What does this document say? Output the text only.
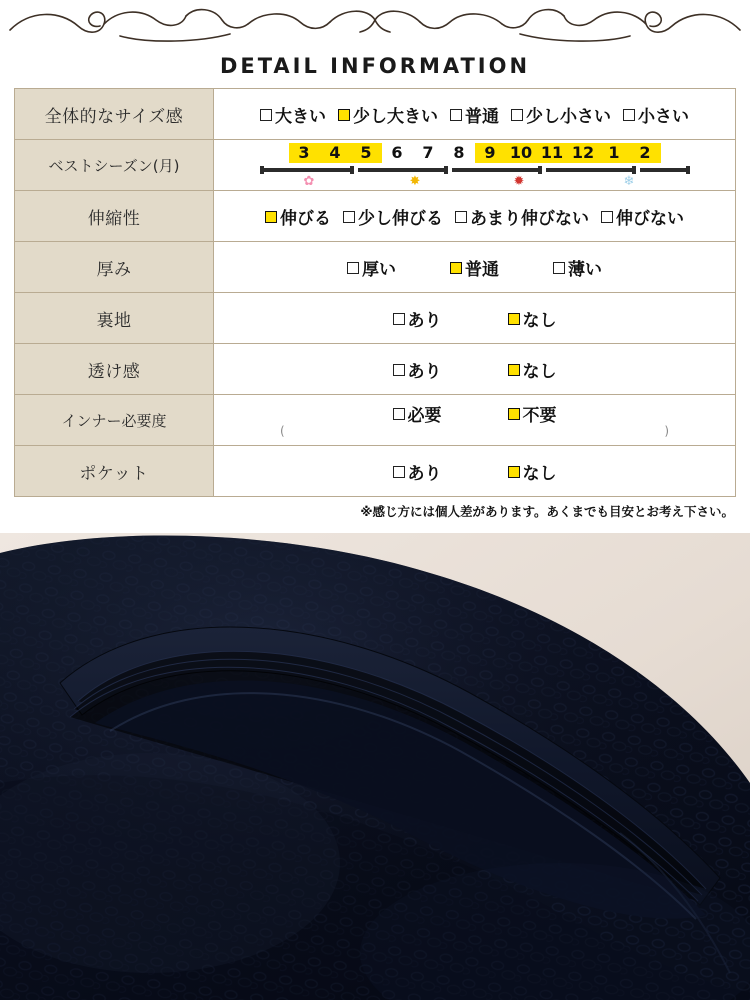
DETAIL INFORMATION
全体的なサイズ感	大きい 少し大きい 普通 少し小さい 小さい
ベストシーズン(月)	
3	4	5	6	7	8	9 10 11 12 1	2
✿	✸	✹	❄

伸縮性	伸びる 少し伸びる あまり伸びない 伸びない
厚み	厚い 普通 薄い

裏地	あり なし

透け感	あり なし

インナー必要度	必要 不要
( )

ポケット	あり なし
※感じ方には個人差があります。あくまでも目安とお考え下さい。
